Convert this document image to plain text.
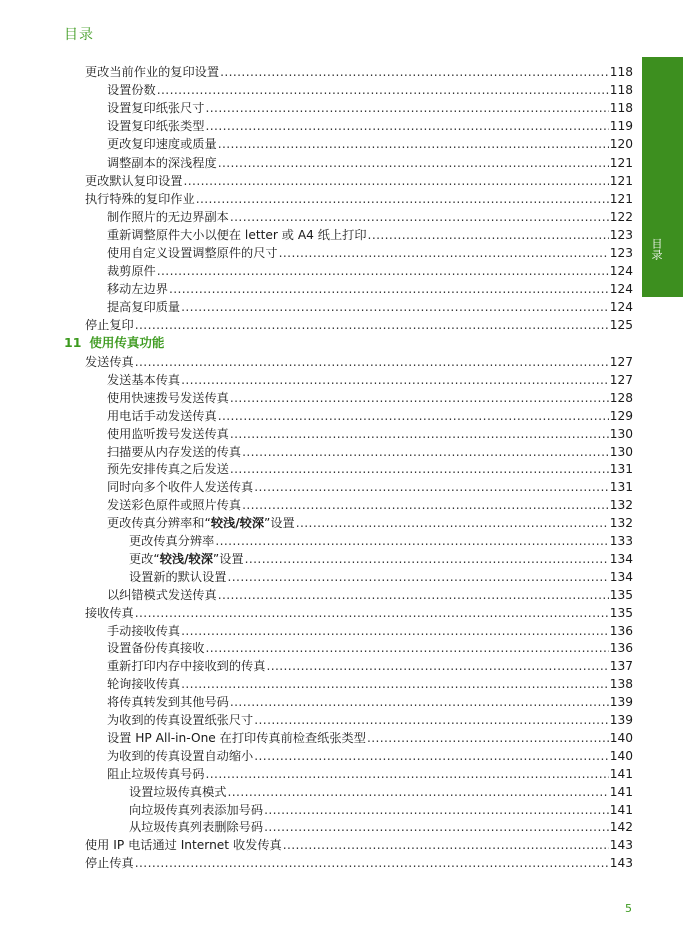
目录
目录
11 使用传真功能
更改当前作业的复印设置 .....	118
设置份数 .....	118
设置复印纸张尺寸 .....	118
设置复印纸张类型 .....	119
更改复印速度或质量 .....	120
调整副本的深浅程度 .....	121
更改默认复印设置 .....	121
执行特殊的复印作业 .....	121
制作照片的无边界副本 .....	122
重新调整原件大小以便在 letter 或 A4 纸上打印 .....	123
使用自定义设置调整原件的尺寸 .....	123
裁剪原件 .....	124
移动左边界 .....	124
提高复印质量 .....	124
停止复印 .....	125
发送传真 .....	127
发送基本传真 .....	127
使用快速拨号发送传真 .....	128
用电话手动发送传真 .....	129
使用监听拨号发送传真 .....	130
扫描要从内存发送的传真 .....	130
预先安排传真之后发送 .....	131
同时向多个收件人发送传真 .....	131
发送彩色原件或照片传真 .....	132
更改传真分辨率和“较浅/较深”设置 .....	132
更改传真分辨率 .....	133
更改“较浅/较深”设置 .....	134
设置新的默认设置 .....	134
以纠错模式发送传真 .....	135
接收传真 .....	135
手动接收传真 .....	136
设置备份传真接收 .....	136
重新打印内存中接收到的传真 .....	137
轮询接收传真 .....	138
将传真转发到其他号码 .....	139
为收到的传真设置纸张尺寸 .....	139
设置 HP All-in-One 在打印传真前检查纸张类型 .....	140
为收到的传真设置自动缩小 .....	140
阻止垃圾传真号码 .....	141
设置垃圾传真模式 .....	141
向垃圾传真列表添加号码 .....	141
从垃圾传真列表删除号码 .....	142
使用 IP 电话通过 Internet 收发传真 .....	143
停止传真 .....	143
5
